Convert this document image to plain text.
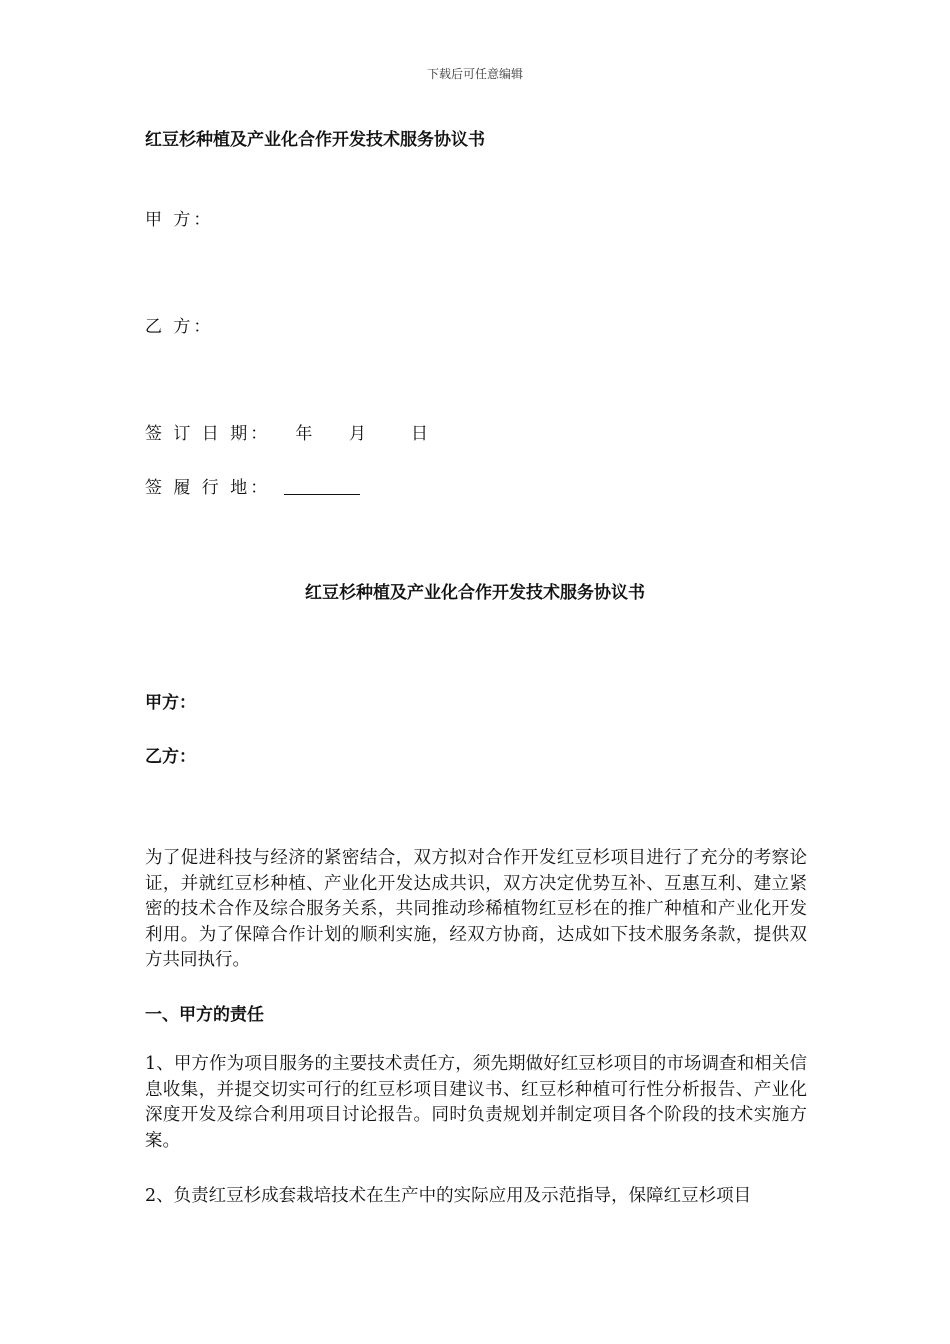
下载后可任意编辑
红豆杉种植及产业化合作开发技术服务协议书
甲 方：
乙 方：
签 订 日 期：   年    月     日
签 履 行 地：
红豆杉种植及产业化合作开发技术服务协议书
甲方：
乙方：
为了促进科技与经济的紧密结合，双方拟对合作开发红豆杉项目进行了充分的考察论证，并就红豆杉种植、产业化开发达成共识，双方决定优势互补、互惠互利、建立紧密的技术合作及综合服务关系，共同推动珍稀植物红豆杉在的推广种植和产业化开发利用。为了保障合作计划的顺利实施，经双方协商，达成如下技术服务条款，提供双方共同执行。
一、甲方的责任
1、甲方作为项目服务的主要技术责任方，须先期做好红豆杉项目的市场调查和相关信息收集，并提交切实可行的红豆杉项目建议书、红豆杉种植可行性分析报告、产业化深度开发及综合利用项目讨论报告。同时负责规划并制定项目各个阶段的技术实施方案。
2、负责红豆杉成套栽培技术在生产中的实际应用及示范指导，保障红豆杉项目
